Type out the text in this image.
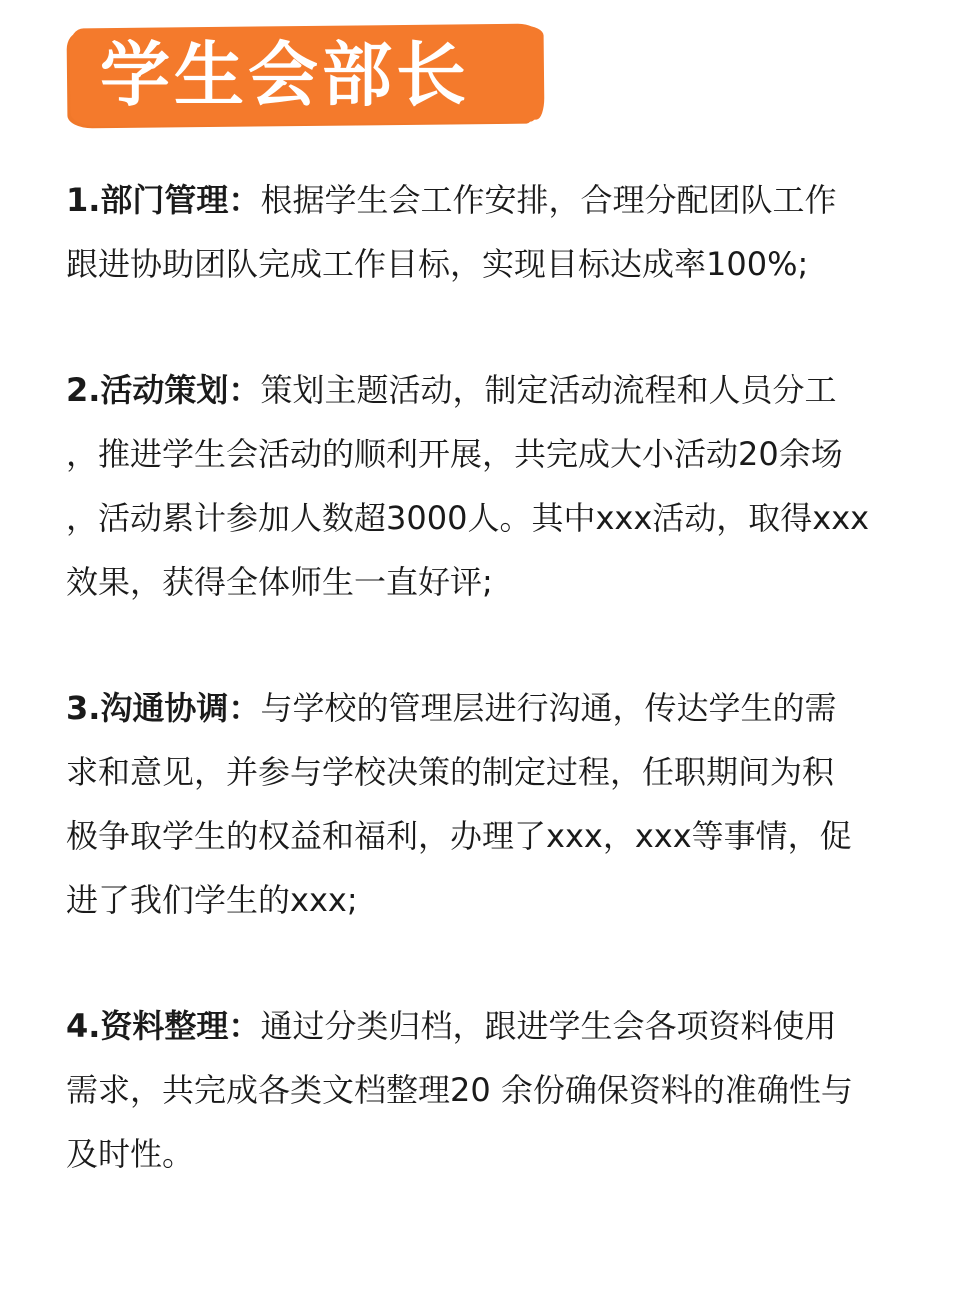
学生会部长
1.部门管理：根据学生会工作安排，合理分配团队工作
跟进协助团队完成工作目标，实现目标达成率100%;
2.活动策划：策划主题活动，制定活动流程和人员分工
，推进学生会活动的顺利开展，共完成大小活动20余场
，活动累计参加人数超3000人。其中xxx活动，取得xxx
效果，获得全体师生一直好评;
3.沟通协调：与学校的管理层进行沟通，传达学生的需
求和意见，并参与学校决策的制定过程，任职期间为积
极争取学生的权益和福利，办理了xxx，xxx等事情，促
进了我们学生的xxx;
4.资料整理：通过分类归档，跟进学生会各项资料使用
需求，共完成各类文档整理20 余份确保资料的准确性与
及时性。
